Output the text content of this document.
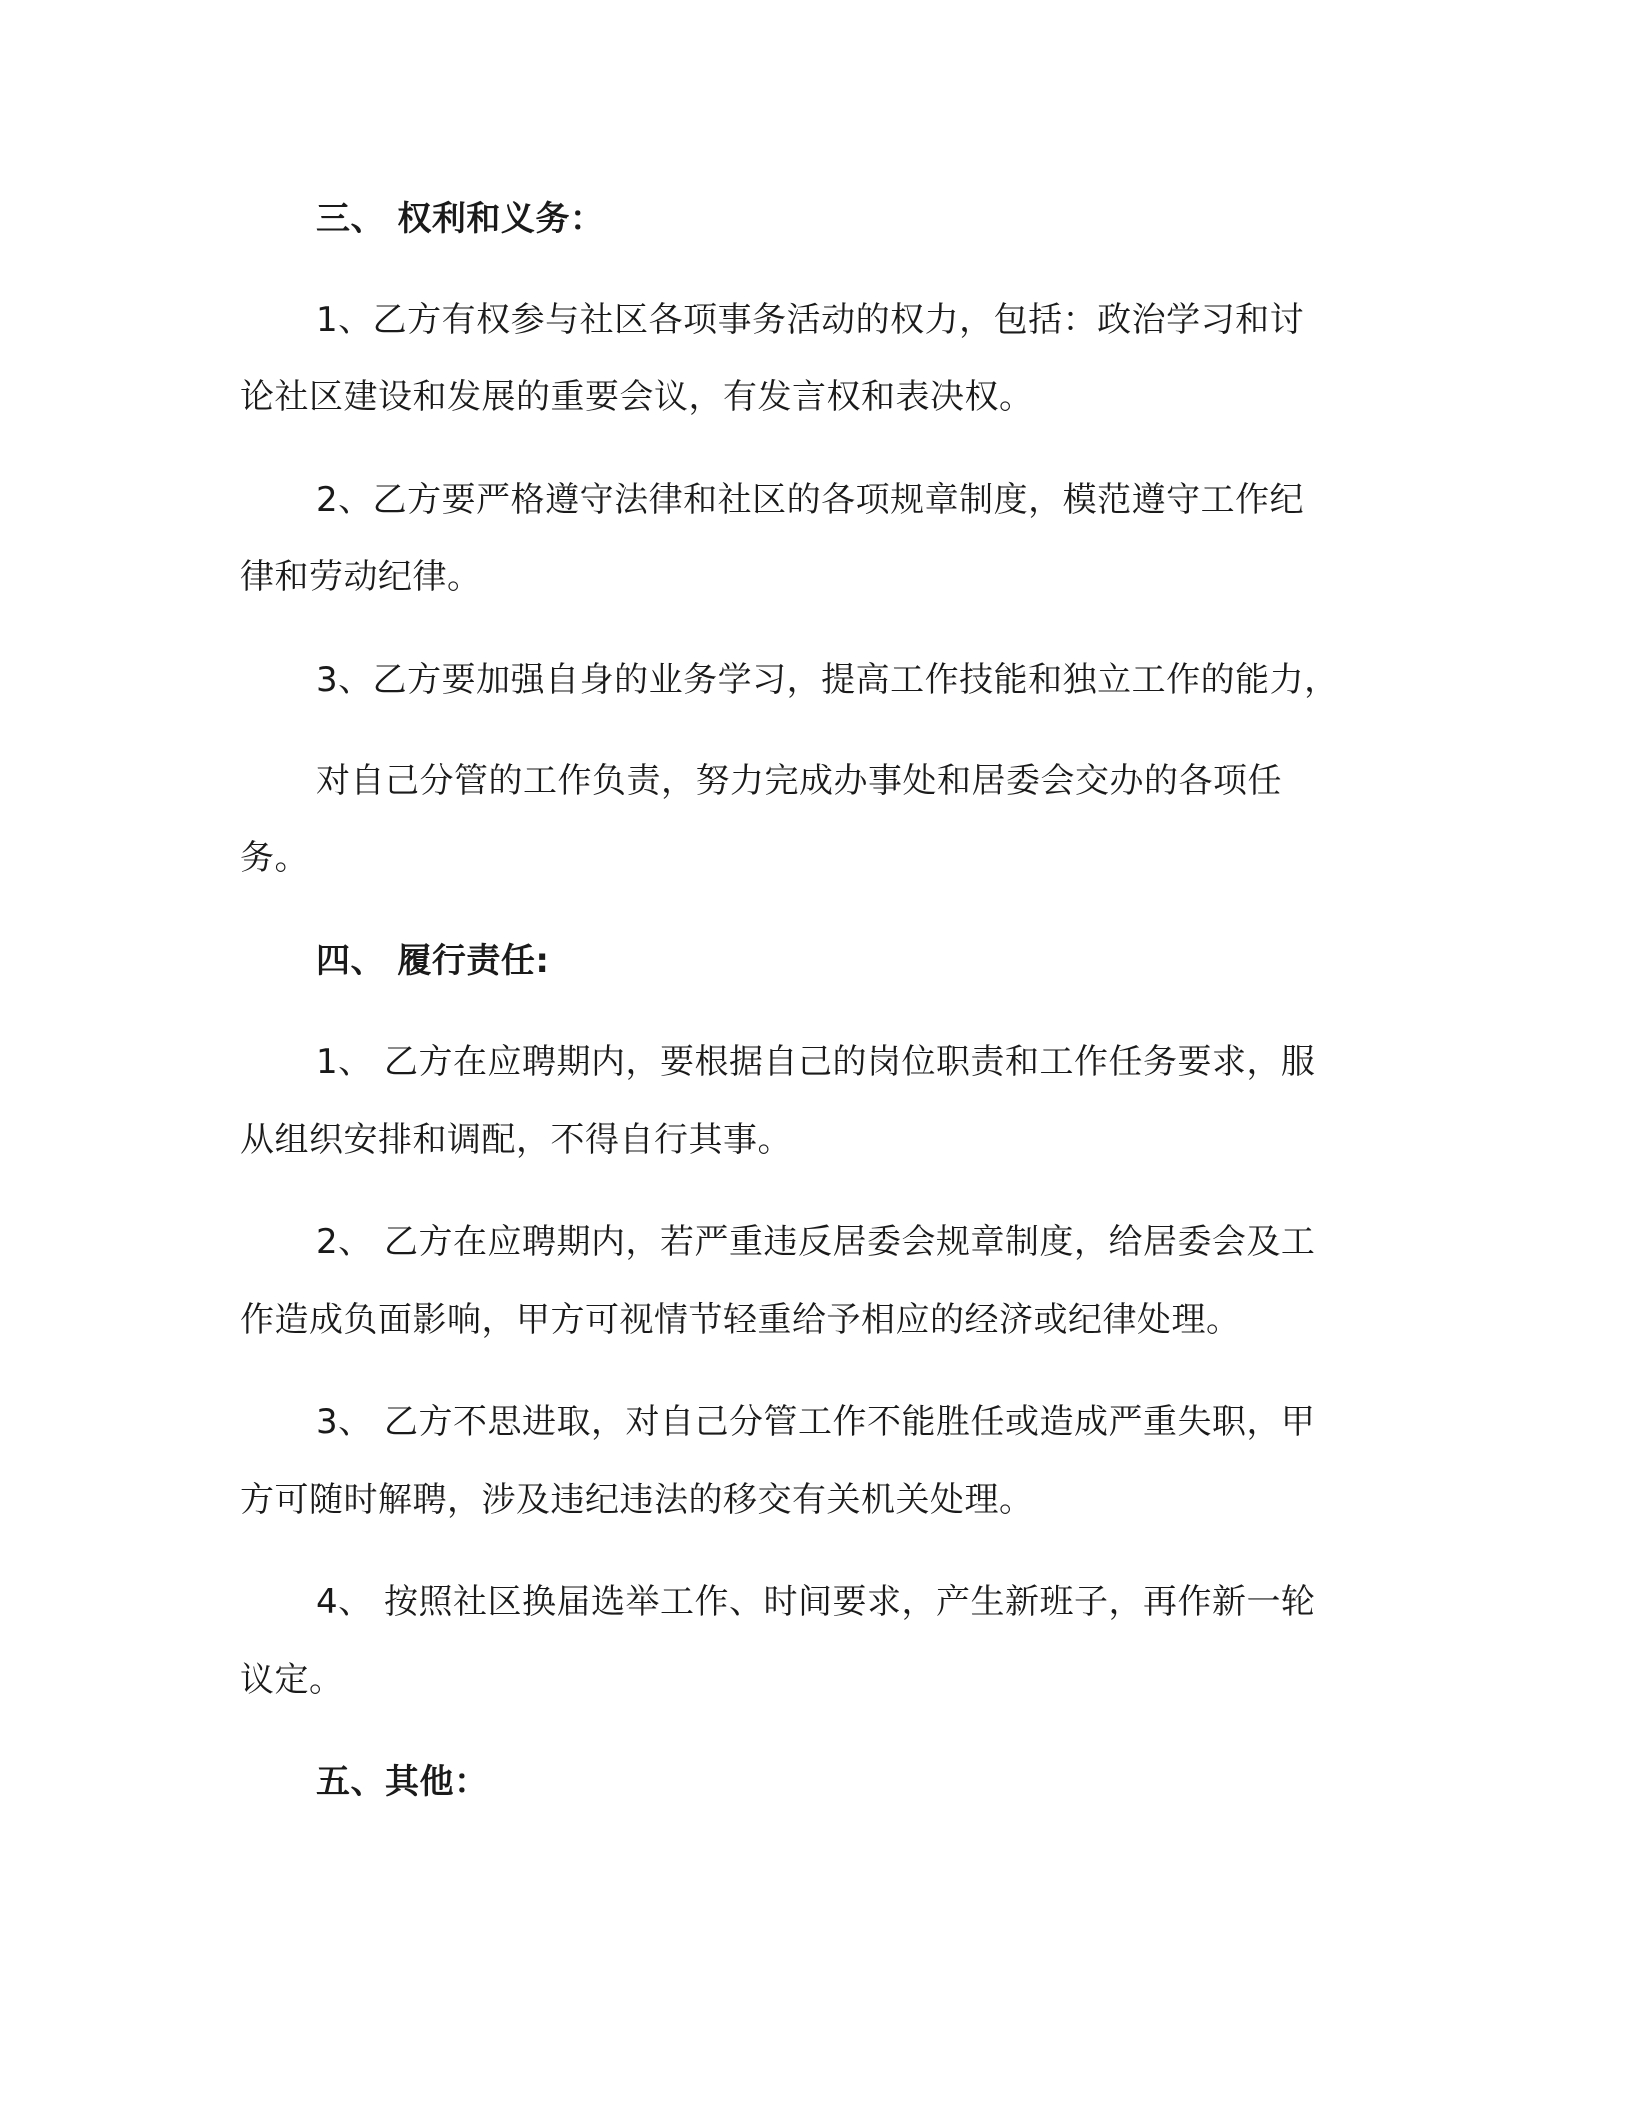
三、 权利和义务：

1、乙方有权参与社区各项事务活动的权力，包括：政治学习和讨

论社区建设和发展的重要会议，有发言权和表决权。

2、乙方要严格遵守法律和社区的各项规章制度，模范遵守工作纪

律和劳动纪律。

3、乙方要加强自身的业务学习，提高工作技能和独立工作的能力，

对自己分管的工作负责，努力完成办事处和居委会交办的各项任

务。

四、 履行责任:

1、 乙方在应聘期内，要根据自己的岗位职责和工作任务要求，服

从组织安排和调配，不得自行其事。

2、 乙方在应聘期内，若严重违反居委会规章制度，给居委会及工

作造成负面影响，甲方可视情节轻重给予相应的经济或纪律处理。

3、 乙方不思进取，对自己分管工作不能胜任或造成严重失职，甲

方可随时解聘，涉及违纪违法的移交有关机关处理。

4、 按照社区换届选举工作、时间要求，产生新班子，再作新一轮

议定。

五、其他：
